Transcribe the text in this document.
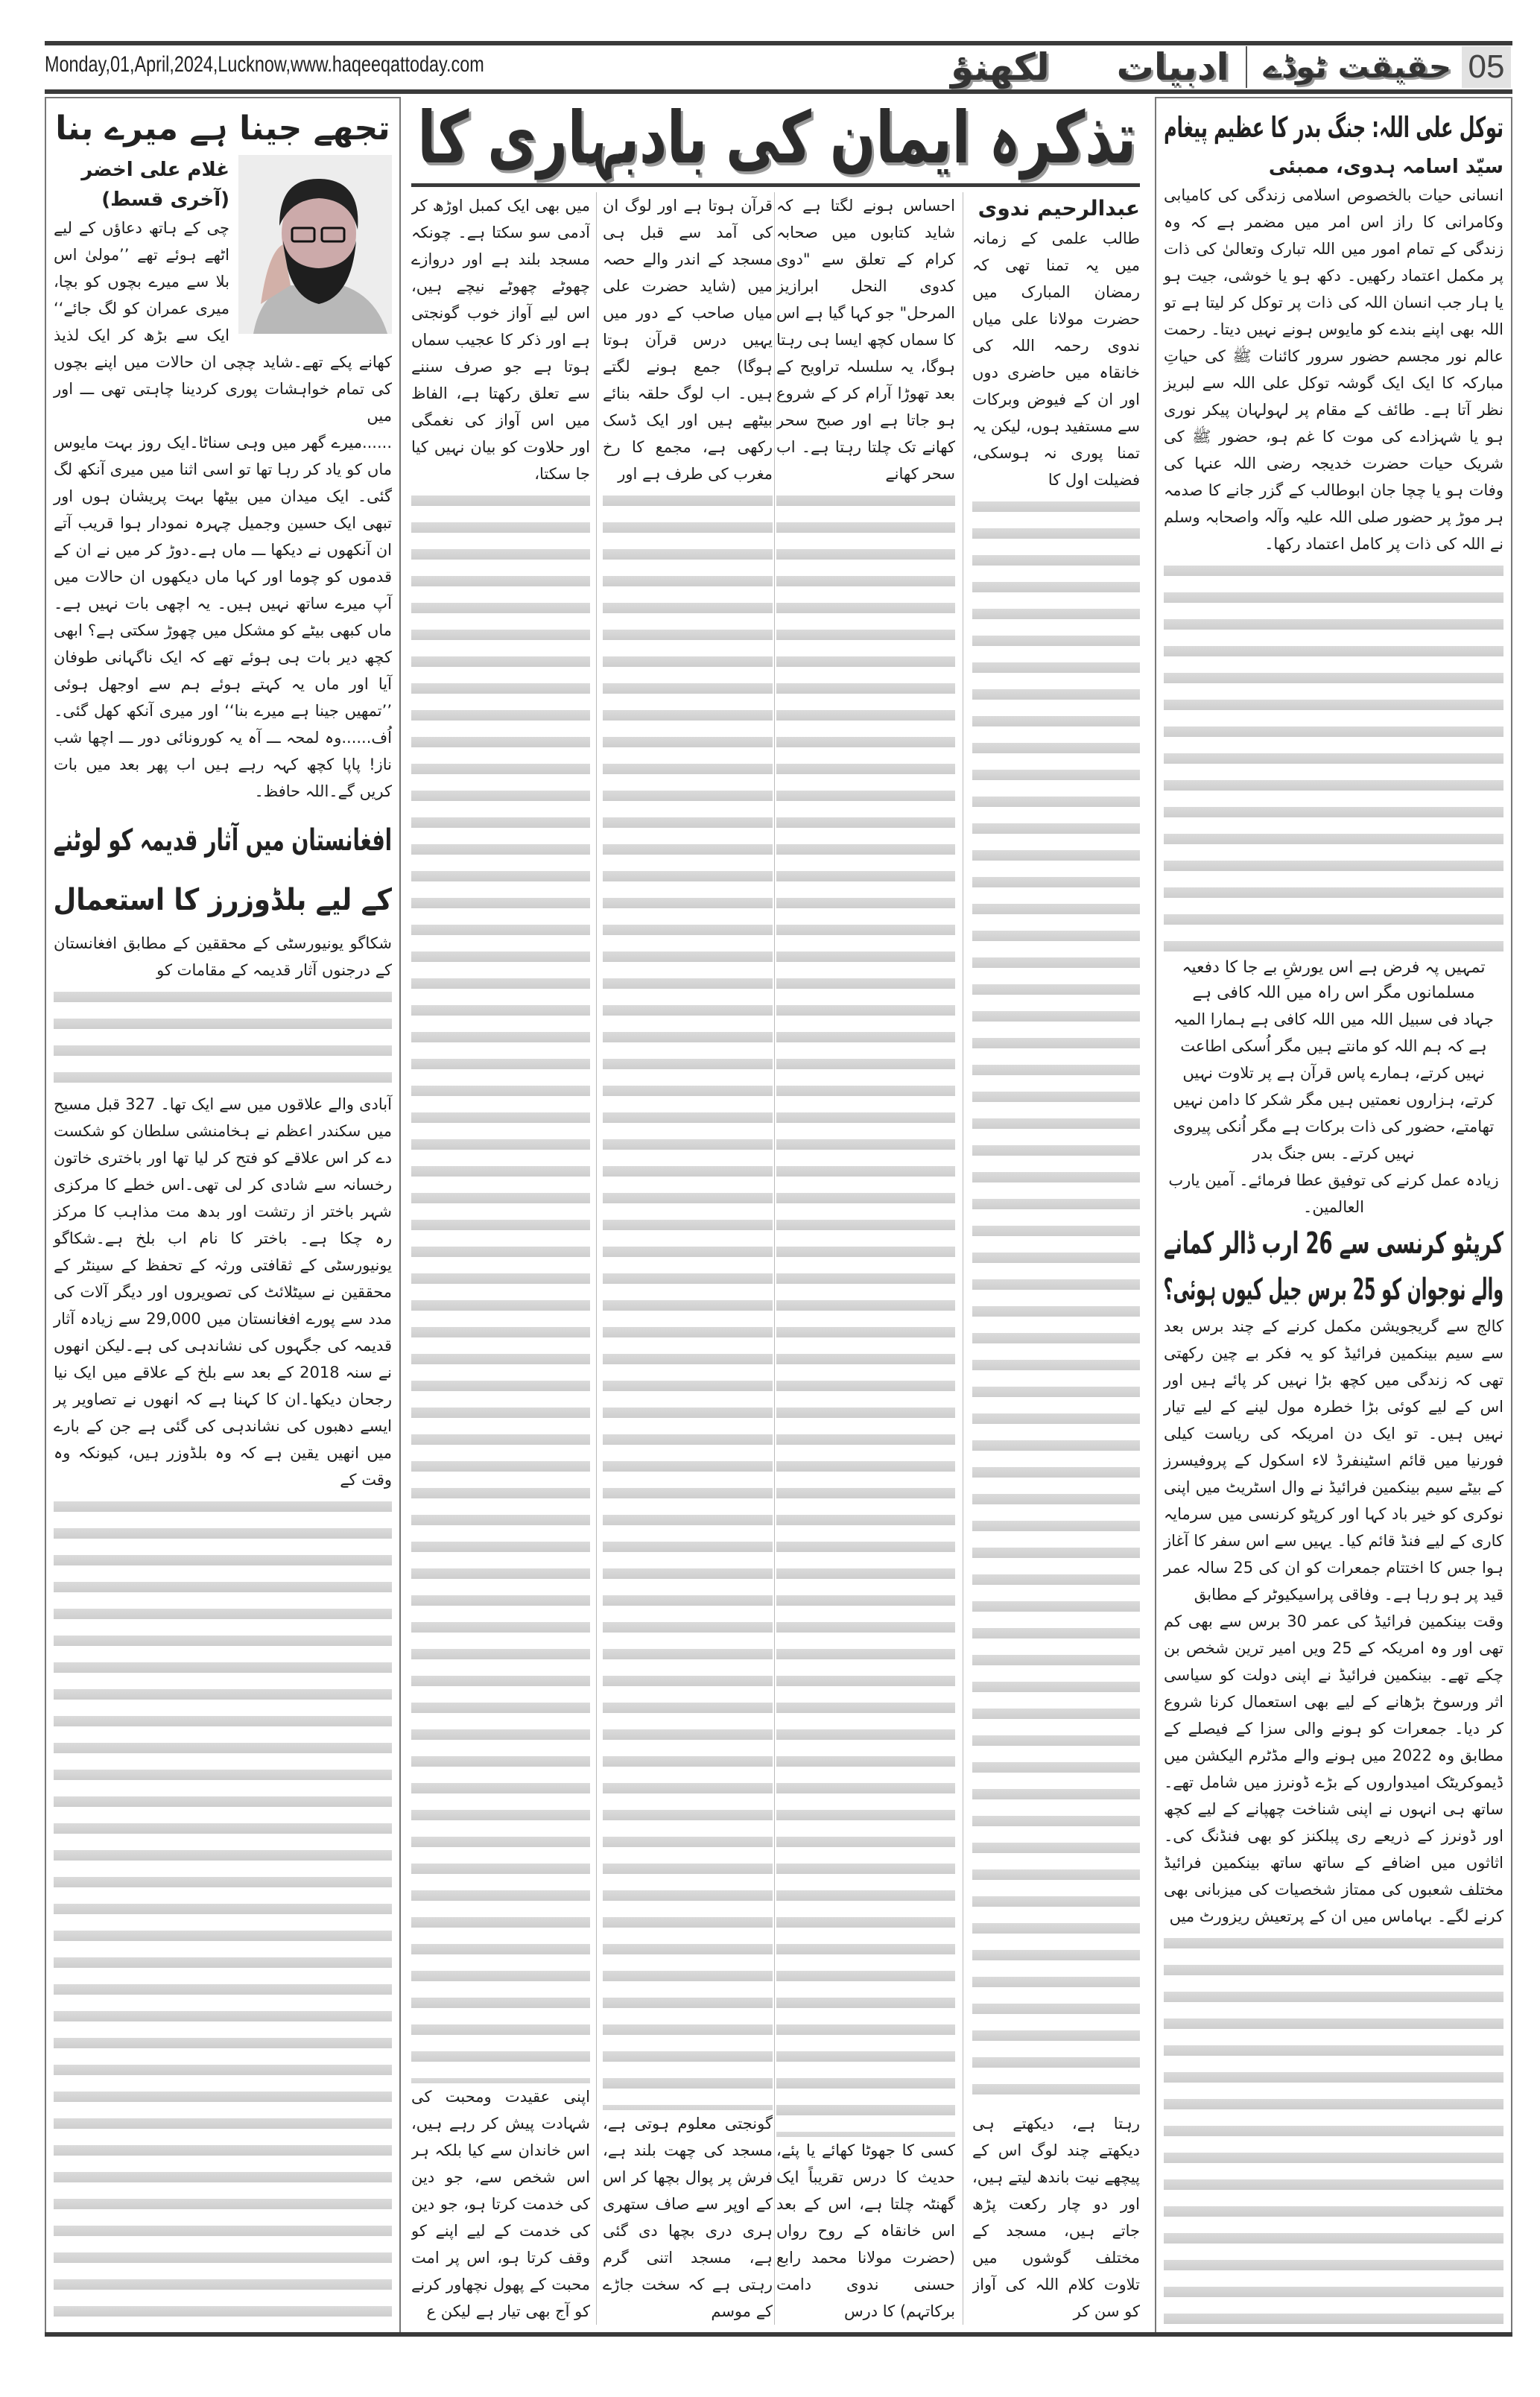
Monday,01,April,2024,Lucknow,www.haqeeqattoday.com	لکھنؤ ادبیات حقیقت ٹوڈے 05
تجھے جینا ہے میرے بنا
غلام علی اخضر
(آخری قسط)
چی کے ہاتھ دعاؤں کے لیے اٹھے ہوئے تھے ’’مولیٰ اس بلا سے میرے بچوں کو بچا، میری عمران کو لگ جائے‘‘ ایک سے بڑھ کر ایک لذیذ کھانے پکے تھے۔شاید چچی ان حالات میں اپنے بچوں کی تمام خواہشات پوری کردینا چاہتی تھی ـــ اور میں
......میرے گھر میں وہی سناٹا۔ایک روز بہت مایوس ماں کو یاد کر رہا تھا تو اسی اثنا میں میری آنکھ لگ گئی۔ ایک میدان میں بیٹھا بہت پریشان ہوں اور تبھی ایک حسین وجمیل چہرہ نمودار ہوا قریب آتے ان آنکھوں نے دیکھا ـــ ماں ہے۔دوڑ کر میں نے ان کے قدموں کو چوما اور کہا ماں دیکھوں ان حالات میں آپ میرے ساتھ نہیں ہیں۔ یہ اچھی بات نہیں ہے۔ماں کبھی بیٹے کو مشکل میں چھوڑ سکتی ہے؟ ابھی کچھ دیر بات ہی ہوئے تھے کہ ایک ناگہانی طوفان آیا اور ماں یہ کہتے ہوئے ہم سے اوجھل ہوئی ’’تمھیں جینا ہے میرے بنا‘‘ اور میری آنکھ کھل گئی۔اُف......وہ لمحہ ـــ آہ یہ کورونائی دور ـــ اچھا شب ناز! پاپا کچھ کہہ رہے ہیں اب پھر بعد میں بات کریں گے۔اللہ حافظ۔
افغانستان میں آثار قدیمہ کو لوٹنے
کے لیے بلڈوزرز کا استعمال
شکاگو یونیورسٹی کے محققین کے مطابق افغانستان کے درجنوں آثار قدیمہ کے مقامات کو
آبادی والے علاقوں میں سے ایک تھا۔ 327 قبل مسیح میں سکندر اعظم نے ہخامنشی سلطان کو شکست دے کر اس علاقے کو فتح کر لیا تھا اور باختری خاتون رخسانہ سے شادی کر لی تھی۔اس خطے کا مرکزی شہر باختر از رتشت اور بدھ مت مذاہب کا مرکز رہ چکا ہے۔ باختر کا نام اب بلخ ہے۔شکاگو یونیورسٹی کے ثقافتی ورثہ کے تحفظ کے سینٹر کے محققین نے سیٹلائٹ کی تصویروں اور دیگر آلات کی مدد سے پورے افغانستان میں 29,000 سے زیادہ آثار قدیمہ کی جگہوں کی نشاندہی کی ہے۔لیکن انھوں نے سنہ 2018 کے بعد سے بلخ کے علاقے میں ایک نیا رجحان دیکھا۔ان کا کہنا ہے کہ انھوں نے تصاویر پر ایسے دھبوں کی نشاندہی کی گئی ہے جن کے بارے میں انھیں یقین ہے کہ وہ بلڈوزر ہیں، کیونکہ وہ وقت کے
تذکرہ ایمان کی بادبہاری کا
عبدالرحیم ندوی
طالب علمی کے زمانہ میں یہ تمنا تھی کہ رمضان المبارک میں حضرت مولانا علی میاں ندوی رحمہ اللہ کی خانقاہ میں حاضری دوں اور ان کے فیوض وبرکات سے مستفید ہوں، لیکن یہ تمنا پوری نہ ہوسکی، فضیلت اول کا
رہتا ہے، دیکھتے ہی دیکھتے چند لوگ اس کے پیچھے نیت باندھ لیتے ہیں، اور دو چار رکعت پڑھ جاتے ہیں، مسجد کے مختلف گوشوں میں تلاوت کلام اللہ کی آواز کو سن کر
احساس ہونے لگتا ہے کہ شاید کتابوں میں صحابہ کرام کے تعلق سے "دوی کدوی النحل ابرازیز المرحل" جو کہا گیا ہے اس کا سماں کچھ ایسا ہی رہتا ہوگا، یہ سلسلہ تراویح کے بعد تھوڑا آرام کر کے شروع ہو جاتا ہے اور صبح سحر کھانے تک چلتا رہتا ہے۔ اب سحر کھانے
کسی کا جھوٹا کھائے یا پئے، حدیث کا درس تقریباً ایک گھنٹہ چلتا ہے، اس کے بعد اس خانقاہ کے روح رواں (حضرت مولانا محمد رابع حسنی ندوی دامت برکاتہم) کا درس
قرآن ہوتا ہے اور لوگ ان کی آمد سے قبل ہی مسجد کے اندر والے حصہ میں (شاید حضرت علی میاں صاحب کے دور میں یہیں درس قرآن ہوتا ہوگا) جمع ہونے لگتے ہیں۔ اب لوگ حلقہ بنائے بیٹھے ہیں اور ایک ڈسک رکھی ہے، مجمع کا رخ مغرب کی طرف ہے اور
گونجتی معلوم ہوتی ہے، مسجد کی چھت بلند ہے، فرش پر پوال بچھا کر اس کے اوپر سے صاف ستھری ہری دری بچھا دی گئی ہے، مسجد اتنی گرم رہتی ہے کہ سخت جاڑے کے موسم
میں بھی ایک کمبل اوڑھ کر آدمی سو سکتا ہے۔ چونکہ مسجد بلند ہے اور دروازے چھوٹے چھوٹے نیچے ہیں، اس لیے آواز خوب گونجتی ہے اور ذکر کا عجیب سماں ہوتا ہے جو صرف سننے سے تعلق رکھتا ہے، الفاظ میں اس آواز کی نغمگی اور حلاوت کو بیان نہیں کیا جا سکتا،
اپنی عقیدت ومحبت کی شہادت پیش کر رہے ہیں، اس خاندان سے کیا بلکہ ہر اس شخص سے، جو دین کی خدمت کرتا ہو، جو دین کی خدمت کے لیے اپنے کو وقف کرتا ہو، اس پر امت محبت کے پھول نچھاور کرنے کو آج بھی تیار ہے لیکن ع
توکل علی اللہ: جنگ بدر کا عظیم پیغام
سیّد اسامہ ہدوی، ممبئی
انسانی حیات بالخصوص اسلامی زندگی کی کامیابی وکامرانی کا راز اس امر میں مضمر ہے کہ وہ زندگی کے تمام امور میں اللہ تبارک وتعالیٰ کی ذات پر مکمل اعتماد رکھیں۔ دکھ ہو یا خوشی، جیت ہو یا ہار جب انسان اللہ کی ذات پر توکل کر لیتا ہے تو اللہ بھی اپنے بندے کو مایوس ہونے نہیں دیتا۔ رحمت عالم نور مجسم حضور سرور کائنات ﷺ کی حیاتِ مبارکہ کا ایک ایک گوشہ توکل علی اللہ سے لبریز نظر آتا ہے۔ طائف کے مقام پر لہولہان پیکر نوری ہو یا شہزادے کی موت کا غم ہو، حضور ﷺ کی شریک حیات حضرت خدیجہ رضی اللہ عنہا کی وفات ہو یا چچا جان ابوطالب کے گزر جانے کا صدمہ ہر موڑ پر حضور صلی اللہ علیہ وآلہ واصحابہ وسلم نے اللہ کی ذات پر کامل اعتماد رکھا۔
تمہیں پہ فرض ہے اس یورشِ بے جا کا دفعیہ
مسلمانوں مگر اس راہ میں اللہ کافی ہے
جہاد فی سبیل اللہ میں اللہ کافی ہے ہمارا المیہ ہے کہ ہم اللہ کو مانتے ہیں مگر اُسکی اطاعت نہیں کرتے، ہمارے پاس قرآن ہے پر تلاوت نہیں کرتے، ہزاروں نعمتیں ہیں مگر شکر کا دامن نہیں تھامتے، حضور کی ذات برکات ہے مگر اُنکی پیروی نہیں کرتے۔ بس جنگ بدر
زیادہ عمل کرنے کی توفیق عطا فرمائے۔ آمین یارب العالمین۔
کرپٹو کرنسی سے 26 ارب ڈالر کمانے
والے نوجوان کو 25 برس جیل کیوں ہوئی؟
کالج سے گریجویشن مکمل کرنے کے چند برس بعد سے سیم بینکمین فرائیڈ کو یہ فکر بے چین رکھتی تھی کہ زندگی میں کچھ بڑا نہیں کر پائے ہیں اور اس کے لیے کوئی بڑا خطرہ مول لینے کے لیے تیار نہیں ہیں۔ تو ایک دن امریکہ کی ریاست کیلی فورنیا میں قائم اسٹینفرڈ لاء اسکول کے پروفیسرز کے بیٹے سیم بینکمین فرائیڈ نے وال اسٹریٹ میں اپنی نوکری کو خیر باد کہا اور کرپٹو کرنسی میں سرمایہ کاری کے لیے فنڈ قائم کیا۔ یہیں سے اس سفر کا آغاز ہوا جس کا اختتام جمعرات کو ان کی 25 سالہ عمر قید پر ہو رہا ہے۔ وفاقی پراسیکیوٹر کے مطابق
وقت بینکمین فرائیڈ کی عمر 30 برس سے بھی کم تھی اور وہ امریکہ کے 25 ویں امیر ترین شخص بن چکے تھے۔ بینکمین فرائیڈ نے اپنی دولت کو سیاسی اثر ورسوخ بڑھانے کے لیے بھی استعمال کرنا شروع کر دیا۔ جمعرات کو ہونے والی سزا کے فیصلے کے مطابق وہ 2022 میں ہونے والے مڈٹرم الیکشن میں ڈیموکریٹک امیدواروں کے بڑے ڈونرز میں شامل تھے۔ ساتھ ہی انہوں نے اپنی شناخت چھپانے کے لیے کچھ اور ڈونرز کے ذریعے ری پبلکنز کو بھی فنڈنگ کی۔ اثاثوں میں اضافے کے ساتھ ساتھ بینکمین فرائیڈ مختلف شعبوں کی ممتاز شخصیات کی میزبانی بھی کرنے لگے۔ بہاماس میں ان کے پرتعیش ریزورٹ میں
